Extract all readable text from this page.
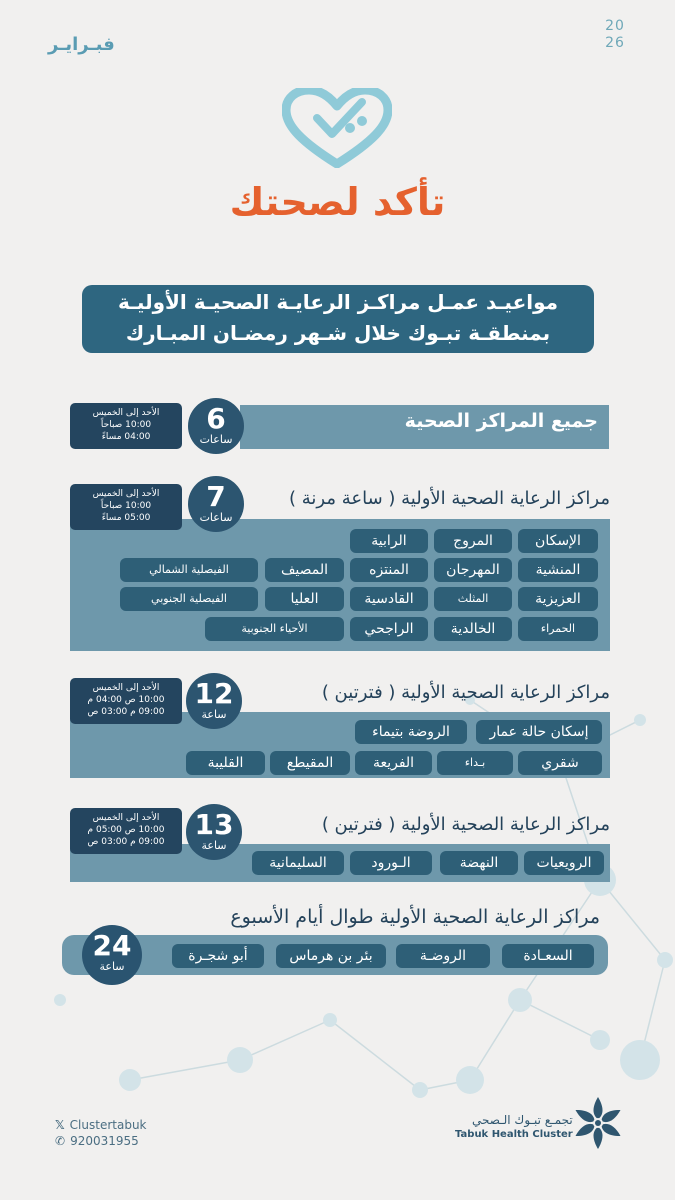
20
26
فبـرايـر
تأكد لصحتك
مواعيـد عمـل مراكـز الرعايـة الصحيـة الأوليـة
بمنطقـة تبـوك خلال شـهر رمضـان المبـارك
جميع المراكز الصحية
الأحد إلى الخميس
10:00 صباحاً
04:00 مساءً
6
ساعات
مراكز الرعاية الصحية الأولية ( ساعة مرنة )
الأحد إلى الخميس
10:00 صباحاً
05:00 مساءً
7
ساعات
الإسكان
المروج
الرابية
المنشية
المهرجان
المنتزه
المصيف
الفيصلية الشمالي
العزيزية
المثلث
القادسية
العليا
الفيصلية الجنوبي
الحمراء
الخالدية
الراجحي
الأحياء الجنوبية
مراكز الرعاية الصحية الأولية ( فترتين )
الأحد إلى الخميس
10:00 ص 04:00 م
09:00 م 03:00 ص
12
ساعة
إسكان حالة عمار
الروضة بتيماء
شقري
بـداء
الفريعة
المقيطع
القليبة
مراكز الرعاية الصحية الأولية ( فترتين )
الأحد إلى الخميس
10:00 ص 05:00 م
09:00 م 03:00 ص
13
ساعة
الرويعيات
النهضة
الـورود
السليمانية
مراكز الرعاية الصحية الأولية طوال أيام الأسبوع
24
ساعة
السعـادة
الروضـة
بئر بن هرماس
أبو شجـرة
𝕏 Clustertabuk
✆ 920031955
تجمـع تبـوك الـصحي
Tabuk Health Cluster
